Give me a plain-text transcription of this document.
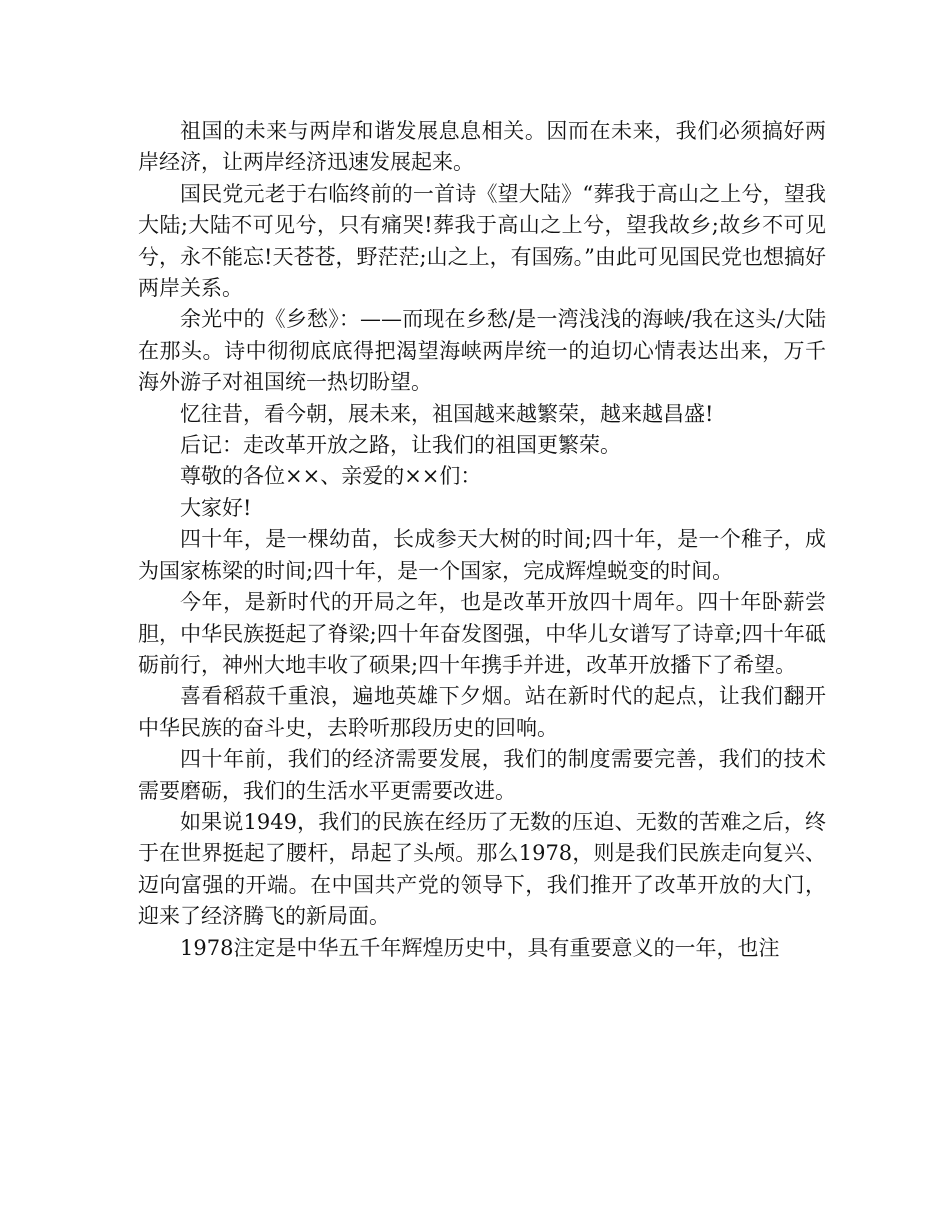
祖国的未来与两岸和谐发展息息相关。因而在未来，我们必须搞好两岸经济，让两岸经济迅速发展起来。

国民党元老于右临终前的一首诗《望大陆》“葬我于高山之上兮，望我大陆;大陆不可见兮，只有痛哭!葬我于高山之上兮，望我故乡;故乡不可见兮，永不能忘!天苍苍，野茫茫;山之上，有国殇。”由此可见国民党也想搞好两岸关系。

余光中的《乡愁》：——而现在乡愁/是一湾浅浅的海峡/我在这头/大陆在那头。诗中彻彻底底得把渴望海峡两岸统一的迫切心情表达出来，万千海外游子对祖国统一热切盼望。

忆往昔，看今朝，展未来，祖国越来越繁荣，越来越昌盛!

后记：走改革开放之路，让我们的祖国更繁荣。

尊敬的各位××、亲爱的××们：

大家好!

四十年，是一棵幼苗，长成参天大树的时间;四十年，是一个稚子，成为国家栋梁的时间;四十年，是一个国家，完成辉煌蜕变的时间。

今年，是新时代的开局之年，也是改革开放四十周年。四十年卧薪尝胆，中华民族挺起了脊梁;四十年奋发图强，中华儿女谱写了诗章;四十年砥砺前行，神州大地丰收了硕果;四十年携手并进，改革开放播下了希望。

喜看稻菽千重浪，遍地英雄下夕烟。站在新时代的起点，让我们翻开中华民族的奋斗史，去聆听那段历史的回响。

四十年前，我们的经济需要发展，我们的制度需要完善，我们的技术需要磨砺，我们的生活水平更需要改进。

如果说1949，我们的民族在经历了无数的压迫、无数的苦难之后，终于在世界挺起了腰杆，昂起了头颅。那么1978，则是我们民族走向复兴、迈向富强的开端。在中国共产党的领导下，我们推开了改革开放的大门，迎来了经济腾飞的新局面。

1978注定是中华五千年辉煌历史中，具有重要意义的一年，也注
